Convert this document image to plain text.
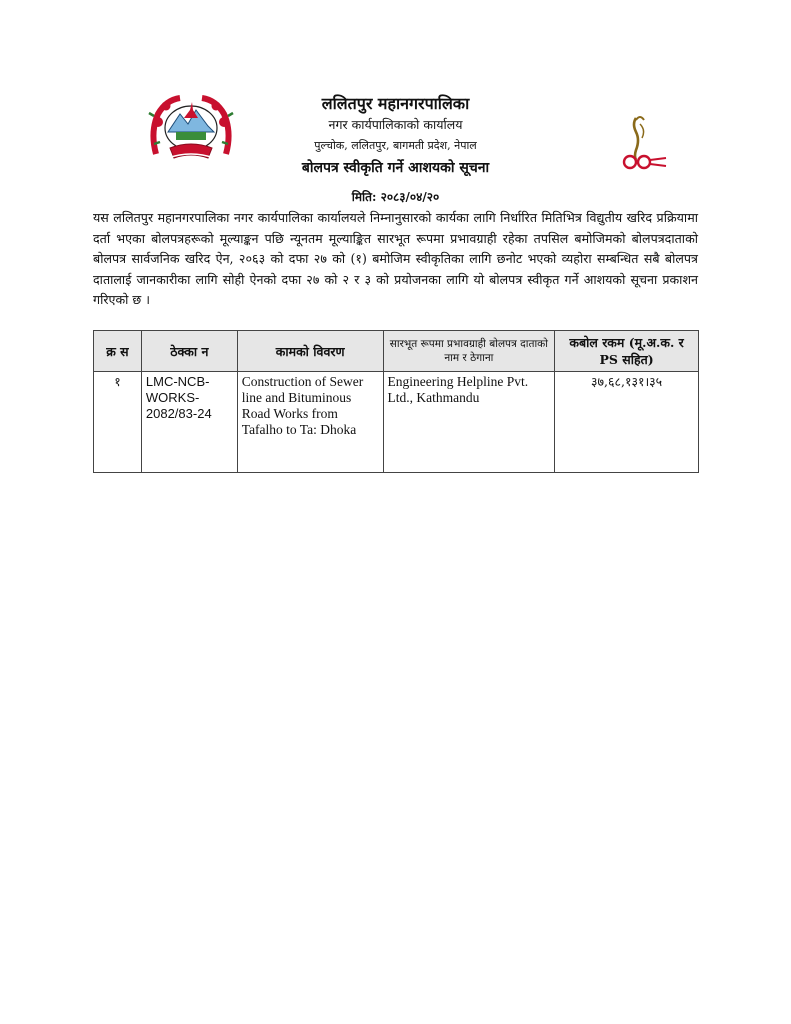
ललितपुर महानगरपालिका
नगर कार्यपालिकाको कार्यालय
पुल्चोक, ललितपुर, बागमती प्रदेश, नेपाल
बोलपत्र स्वीकृति गर्ने आशयको सूचना
मिति: २०८३/०४/२०
यस ललितपुर महानगरपालिका नगर कार्यपालिका कार्यालयले निम्नानुसारको कार्यका लागि निर्धारित मितिभित्र विद्युतीय खरिद प्रक्रियामा दर्ता भएका बोलपत्रहरूको मूल्याङ्कन पछि न्यूनतम मूल्याङ्कित सारभूत रूपमा प्रभावग्राही रहेका तपसिल बमोजिमको बोलपत्रदाताको बोलपत्र सार्वजनिक खरिद ऐन, २०६३ को दफा २७ को (१) बमोजिम स्वीकृतिका लागि छनोट भएको व्यहोरा सम्बन्धित सबै बोलपत्र दातालाई जानकारीका लागि सोही ऐनको दफा २७ को २ र ३ को प्रयोजनका लागि यो बोलपत्र स्वीकृत गर्ने आशयको सूचना प्रकाशन गरिएको छ ।
क्र स	ठेक्का न	कामको विवरण	सारभूत रूपमा प्रभावग्राही बोलपत्र दाताको नाम र ठेगाना	कबोल रकम (मू.अ.क. र PS सहित)
१	LMC-NCB-WORKS-2082/83-24	Construction of Sewer line and Bituminous Road Works from Tafalho to Ta: Dhoka	Engineering Helpline Pvt. Ltd., Kathmandu	३७,६८,१३१।३५
